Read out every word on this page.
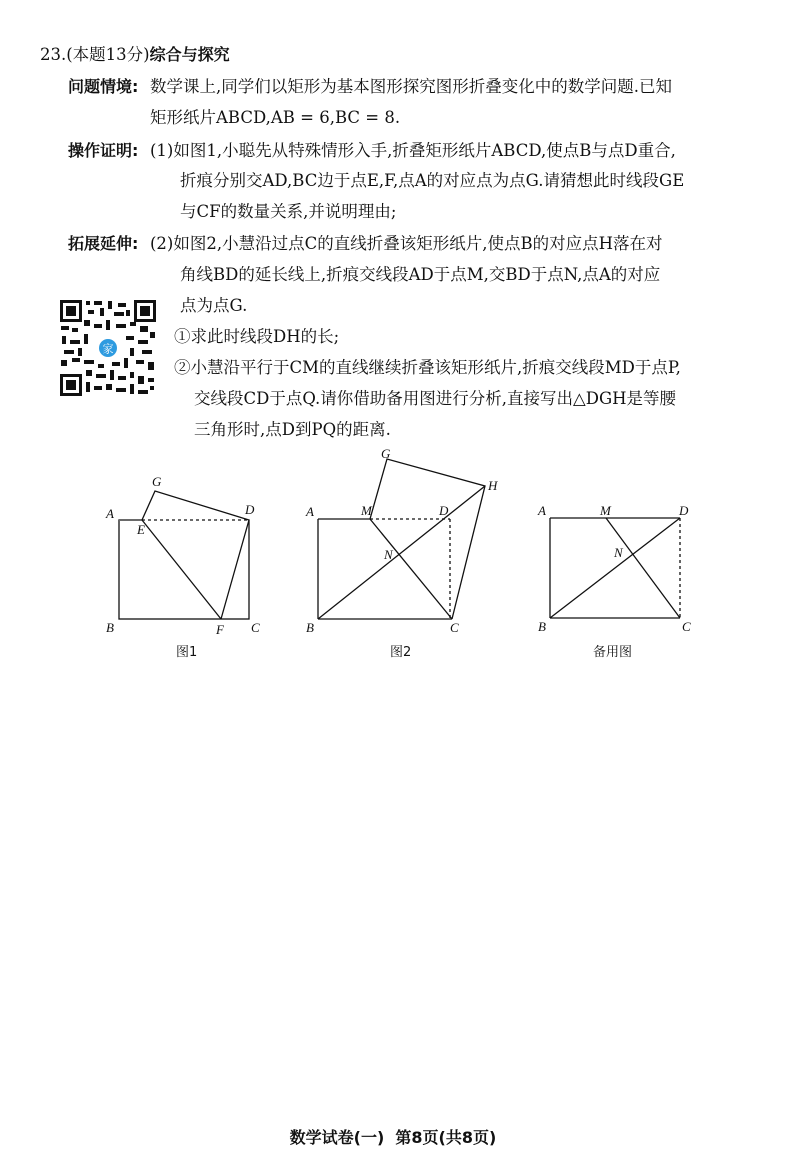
23.(本题13分)综合与探究
问题情境: 数学课上,同学们以矩形为基本图形探究图形折叠变化中的数学问题.已知
矩形纸片ABCD,AB = 6,BC = 8.
操作证明: (1)如图1,小聪先从特殊情形入手,折叠矩形纸片ABCD,使点B与点D重合,
折痕分别交AD,BC边于点E,F,点A的对应点为点G.请猜想此时线段GE
与CF的数量关系,并说明理由;
拓展延伸: (2)如图2,小慧沿过点C的直线折叠该矩形纸片,使点B的对应点H落在对
角线BD的延长线上,折痕交线段AD于点M,交BD于点N,点A的对应
点为点G.
①求此时线段DH的长;
②小慧沿平行于CM的直线继续折叠该矩形纸片,折痕交线段MD于点P,
交线段CD于点Q.请你借助备用图进行分析,直接写出△DGH是等腰
三角形时,点D到PQ的距离.
家
A
B	C
D
E
F
G
图1
A
B	C
D
M
N
G
H
图2
A
B	C
D
M
N
备用图
数学试卷(一)  第8页(共8页)
